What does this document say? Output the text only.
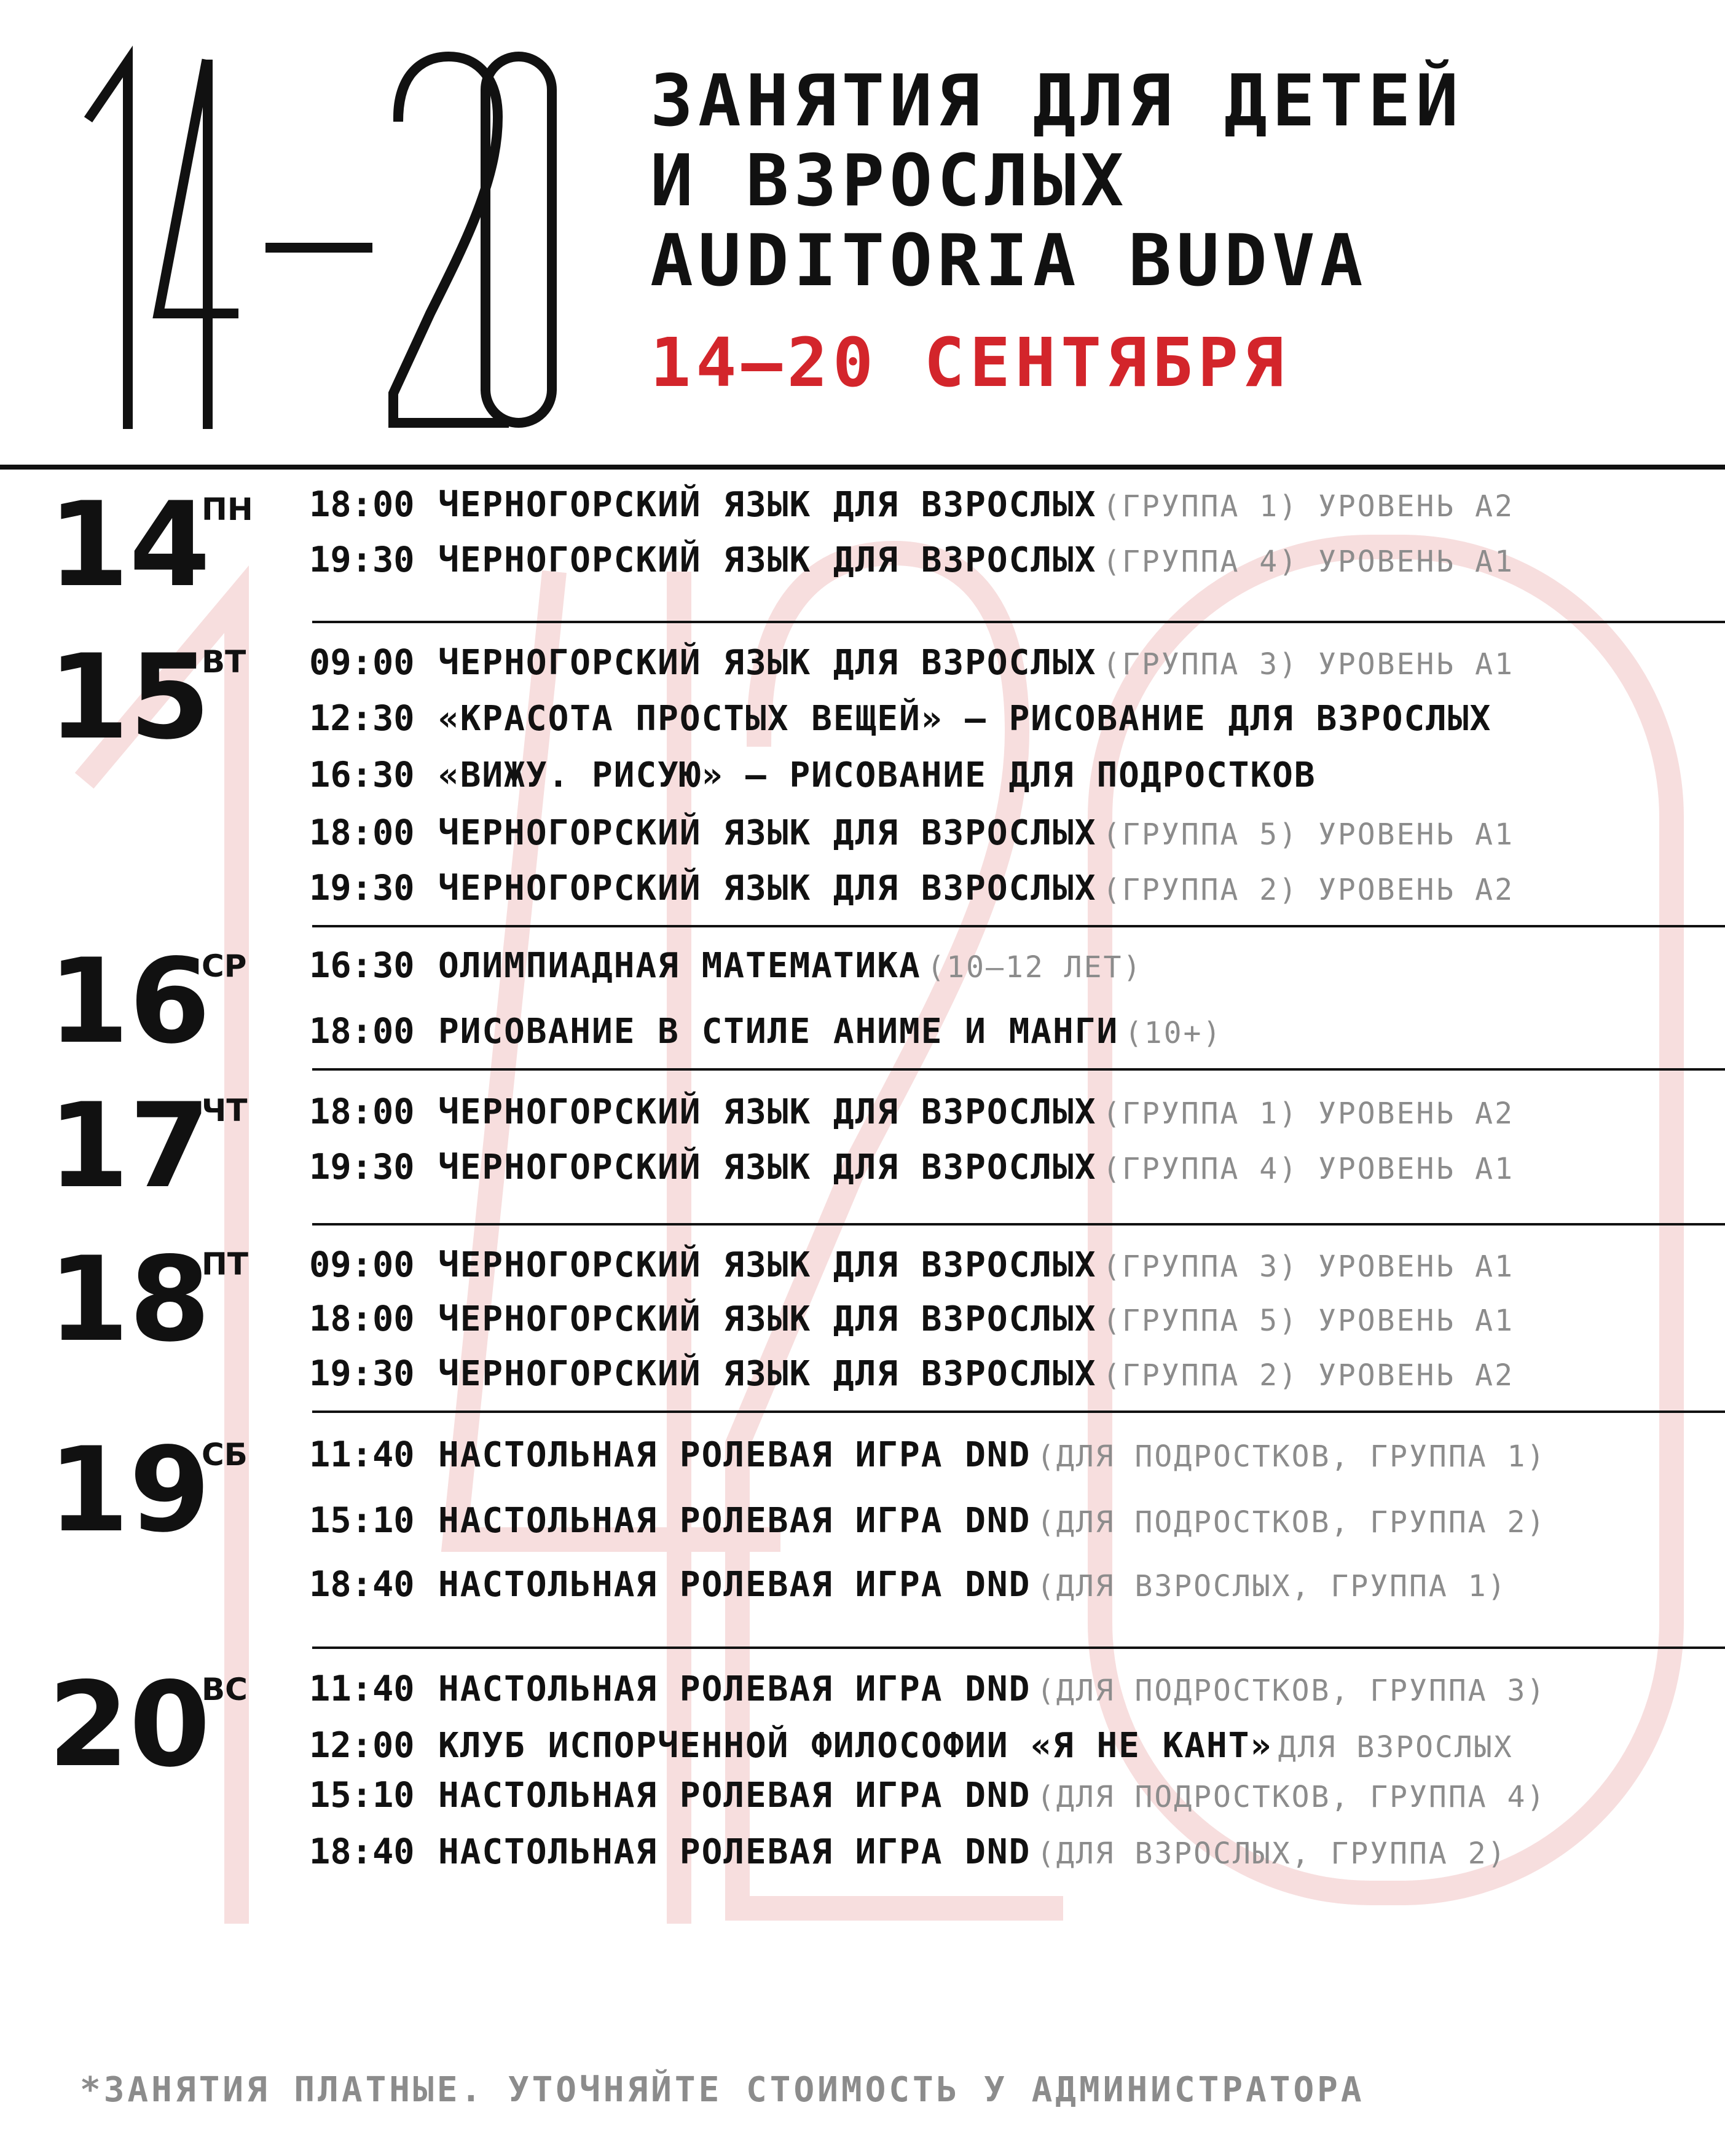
ЗАНЯТИЯ ДЛЯ ДЕТЕЙ
И ВЗРОСЛЫХ
AUDITORIA BUDVA
14—20 СЕНТЯБРЯ
14
ПН 18:00 ЧЕРНОГОРСКИЙ ЯЗЫК ДЛЯ ВЗРОСЛЫХ (ГРУППА 1) УРОВЕНЬ А2
19:30 ЧЕРНОГОРСКИЙ ЯЗЫК ДЛЯ ВЗРОСЛЫХ (ГРУППА 4) УРОВЕНЬ А1
15
ВТ 09:00 ЧЕРНОГОРСКИЙ ЯЗЫК ДЛЯ ВЗРОСЛЫХ (ГРУППА 3) УРОВЕНЬ А1
12:30 «КРАСОТА ПРОСТЫХ ВЕЩЕЙ» — РИСОВАНИЕ ДЛЯ ВЗРОСЛЫХ
16:30 «ВИЖУ. РИСУЮ» — РИСОВАНИЕ ДЛЯ ПОДРОСТКОВ
18:00 ЧЕРНОГОРСКИЙ ЯЗЫК ДЛЯ ВЗРОСЛЫХ (ГРУППА 5) УРОВЕНЬ А1
19:30 ЧЕРНОГОРСКИЙ ЯЗЫК ДЛЯ ВЗРОСЛЫХ (ГРУППА 2) УРОВЕНЬ А2
16
СР 16:30 ОЛИМПИАДНАЯ МАТЕМАТИКА (10—12 ЛЕТ)
18:00 РИСОВАНИЕ В СТИЛЕ АНИМЕ И МАНГИ (10+)
17
ЧТ 18:00 ЧЕРНОГОРСКИЙ ЯЗЫК ДЛЯ ВЗРОСЛЫХ (ГРУППА 1) УРОВЕНЬ А2
19:30 ЧЕРНОГОРСКИЙ ЯЗЫК ДЛЯ ВЗРОСЛЫХ (ГРУППА 4) УРОВЕНЬ А1
18
ПТ 09:00 ЧЕРНОГОРСКИЙ ЯЗЫК ДЛЯ ВЗРОСЛЫХ (ГРУППА 3) УРОВЕНЬ А1
18:00 ЧЕРНОГОРСКИЙ ЯЗЫК ДЛЯ ВЗРОСЛЫХ (ГРУППА 5) УРОВЕНЬ А1
19:30 ЧЕРНОГОРСКИЙ ЯЗЫК ДЛЯ ВЗРОСЛЫХ (ГРУППА 2) УРОВЕНЬ А2
19
СБ 11:40 НАСТОЛЬНАЯ РОЛЕВАЯ ИГРА DND (ДЛЯ ПОДРОСТКОВ, ГРУППА 1)
15:10 НАСТОЛЬНАЯ РОЛЕВАЯ ИГРА DND (ДЛЯ ПОДРОСТКОВ, ГРУППА 2)
18:40 НАСТОЛЬНАЯ РОЛЕВАЯ ИГРА DND (ДЛЯ ВЗРОСЛЫХ, ГРУППА 1)
20
ВС 11:40 НАСТОЛЬНАЯ РОЛЕВАЯ ИГРА DND (ДЛЯ ПОДРОСТКОВ, ГРУППА 3)
12:00 КЛУБ ИСПОРЧЕННОЙ ФИЛОСОФИИ «Я НЕ КАНТ» ДЛЯ ВЗРОСЛЫХ
15:10 НАСТОЛЬНАЯ РОЛЕВАЯ ИГРА DND (ДЛЯ ПОДРОСТКОВ, ГРУППА 4)
18:40 НАСТОЛЬНАЯ РОЛЕВАЯ ИГРА DND (ДЛЯ ВЗРОСЛЫХ, ГРУППА 2)
*ЗАНЯТИЯ ПЛАТНЫЕ. УТОЧНЯЙТЕ СТОИМОСТЬ У АДМИНИСТРАТОРА
